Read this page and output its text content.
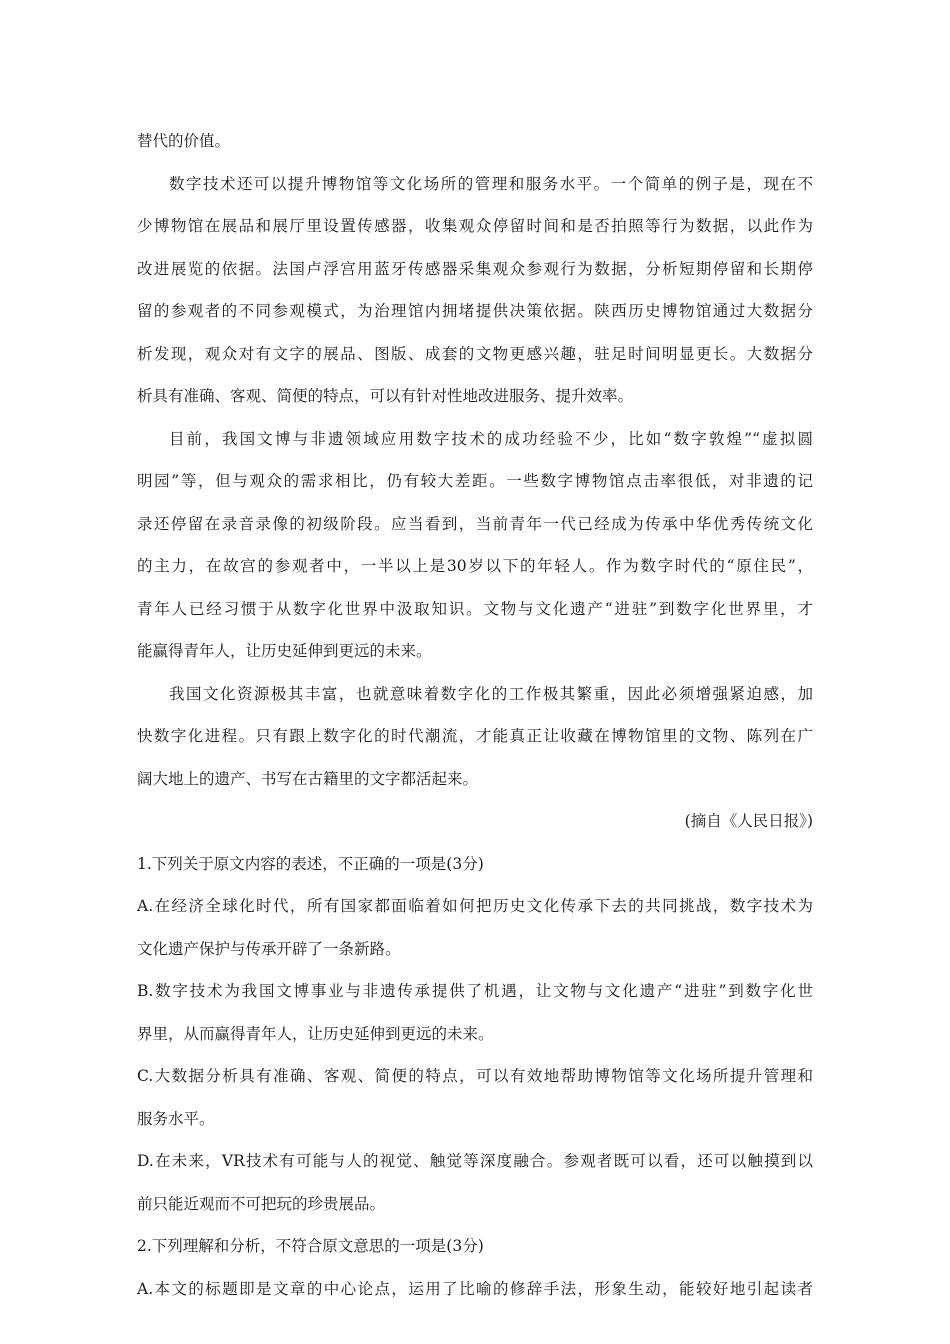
替代的价值。
数字技术还可以提升博物馆等文化场所的管理和服务水平。一个简单的例子是，现在不
少博物馆在展品和展厅里设置传感器，收集观众停留时间和是否拍照等行为数据，以此作为
改进展览的依据。法国卢浮宫用蓝牙传感器采集观众参观行为数据，分析短期停留和长期停
留的参观者的不同参观模式，为治理馆内拥堵提供决策依据。陕西历史博物馆通过大数据分
析发现，观众对有文字的展品、图版、成套的文物更感兴趣，驻足时间明显更长。大数据分
析具有准确、客观、简便的特点，可以有针对性地改进服务、提升效率。
目前，我国文博与非遗领域应用数字技术的成功经验不少，比如“数字敦煌”“虚拟圆
明园”等，但与观众的需求相比，仍有较大差距。一些数字博物馆点击率很低，对非遗的记
录还停留在录音录像的初级阶段。应当看到，当前青年一代已经成为传承中华优秀传统文化
的主力，在故宫的参观者中，一半以上是30岁以下的年轻人。作为数字时代的“原住民”，
青年人已经习惯于从数字化世界中汲取知识。文物与文化遗产“进驻”到数字化世界里，才
能赢得青年人，让历史延伸到更远的未来。
我国文化资源极其丰富，也就意味着数字化的工作极其繁重，因此必须增强紧迫感，加
快数字化进程。只有跟上数字化的时代潮流，才能真正让收藏在博物馆里的文物、陈列在广
阔大地上的遗产、书写在古籍里的文字都活起来。
(摘自《人民日报》)
1.下列关于原文内容的表述，不正确的一项是(3分)
A.在经济全球化时代，所有国家都面临着如何把历史文化传承下去的共同挑战，数字技术为
文化遗产保护与传承开辟了一条新路。
B.数字技术为我国文博事业与非遗传承提供了机遇，让文物与文化遗产“进驻”到数字化世
界里，从而赢得青年人，让历史延伸到更远的未来。
C.大数据分析具有准确、客观、简便的特点，可以有效地帮助博物馆等文化场所提升管理和
服务水平。
D.在未来，VR技术有可能与人的视觉、触觉等深度融合。参观者既可以看，还可以触摸到以
前只能近观而不可把玩的珍贵展品。
2.下列理解和分析，不符合原文意思的一项是(3分)
A.本文的标题即是文章的中心论点，运用了比喻的修辞手法，形象生动，能较好地引起读者
